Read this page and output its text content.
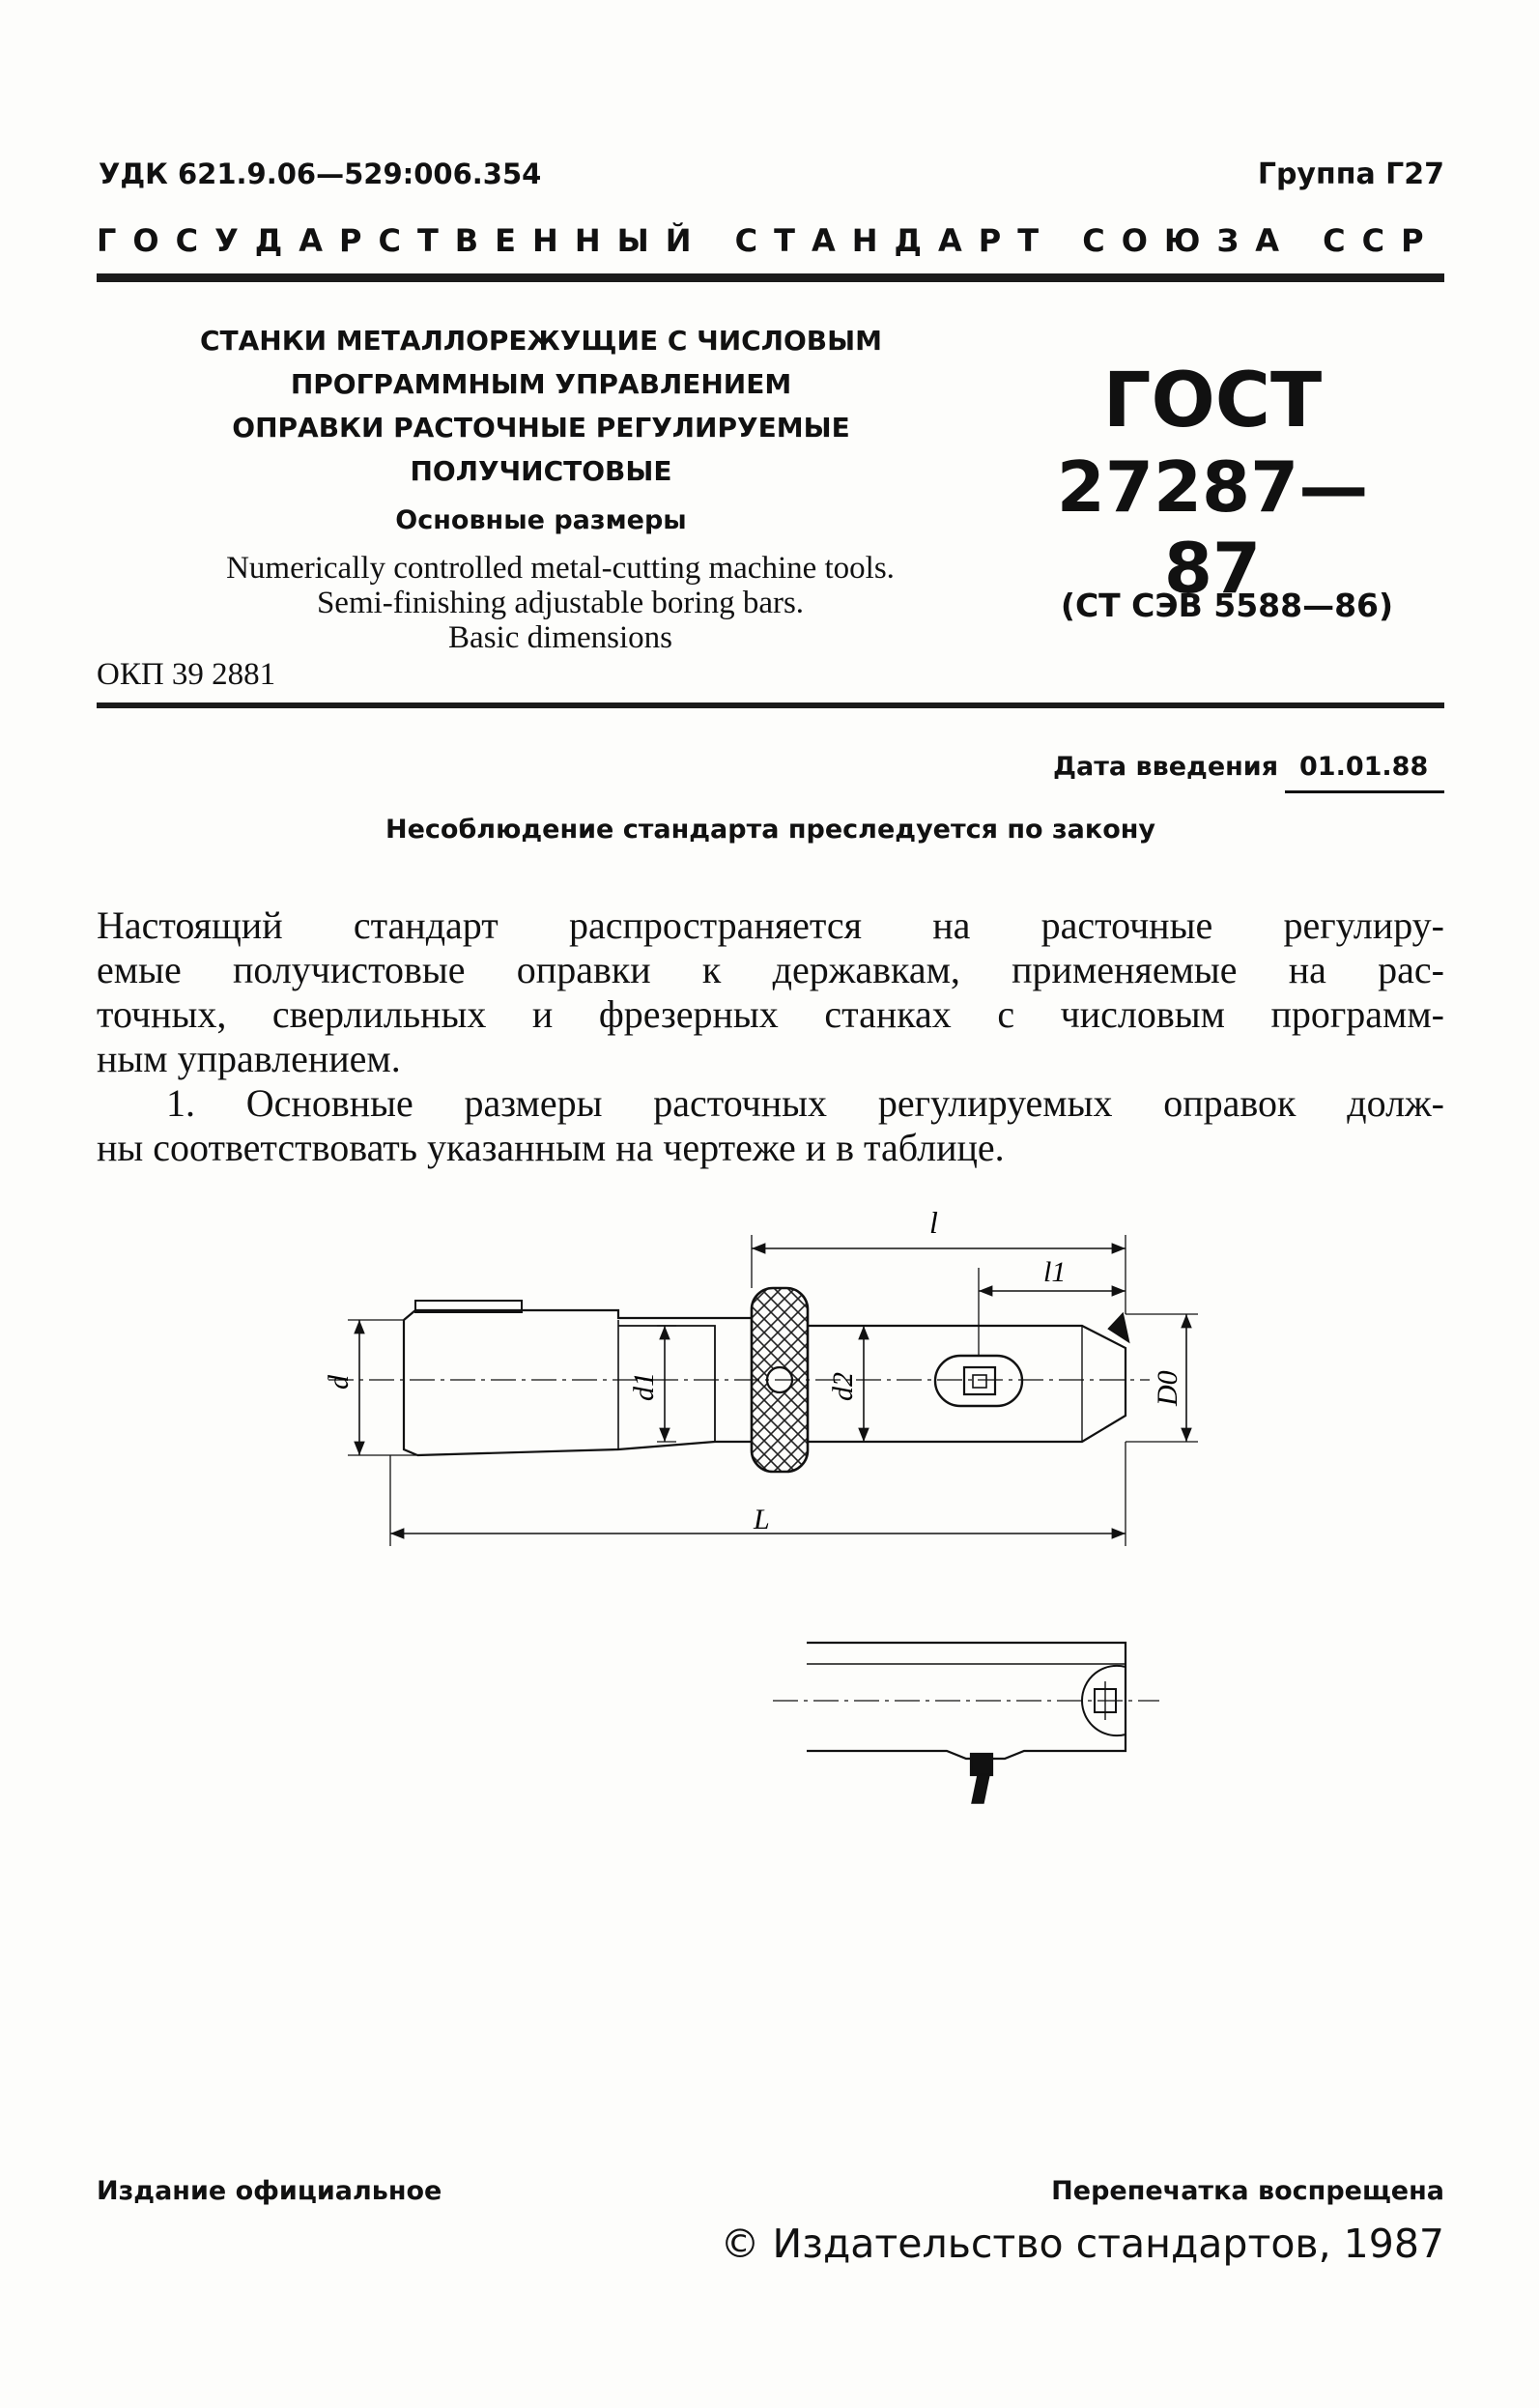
УДК 621.9.06—529:006.354	Группа Г27
ГОСУДАРСТВЕННЫЙ СТАНДАРТ СОЮЗА ССР
СТАНКИ МЕТАЛЛОРЕЖУЩИЕ С ЧИСЛОВЫМ
ПРОГРАММНЫМ УПРАВЛЕНИЕМ
ОПРАВКИ РАСТОЧНЫЕ РЕГУЛИРУЕМЫЕ
ПОЛУЧИСТОВЫЕ
Основные размеры
Numerically controlled metal-cutting machine tools.
Semi-finishing adjustable boring bars.
Basic dimensions
ОКП 39 2881
ГОСТ
27287—87
(СТ СЭВ 5588—86)
Дата введения 01.01.88
Несоблюдение стандарта преследуется по закону
Настоящий стандарт распространяется на расточные регулиру-
емые получистовые оправки к державкам, применяемые на рас-
точных, сверлильных и фрезерных станках с числовым программ-
ным управлением.
1. Основные размеры расточных регулируемых оправок долж-
ны соответствовать указанным на чертеже и в таблице.
l
l1
L
d	d1	d2	D0
Издание официальное	Перепечатка воспрещена
© Издательство стандартов, 1987
